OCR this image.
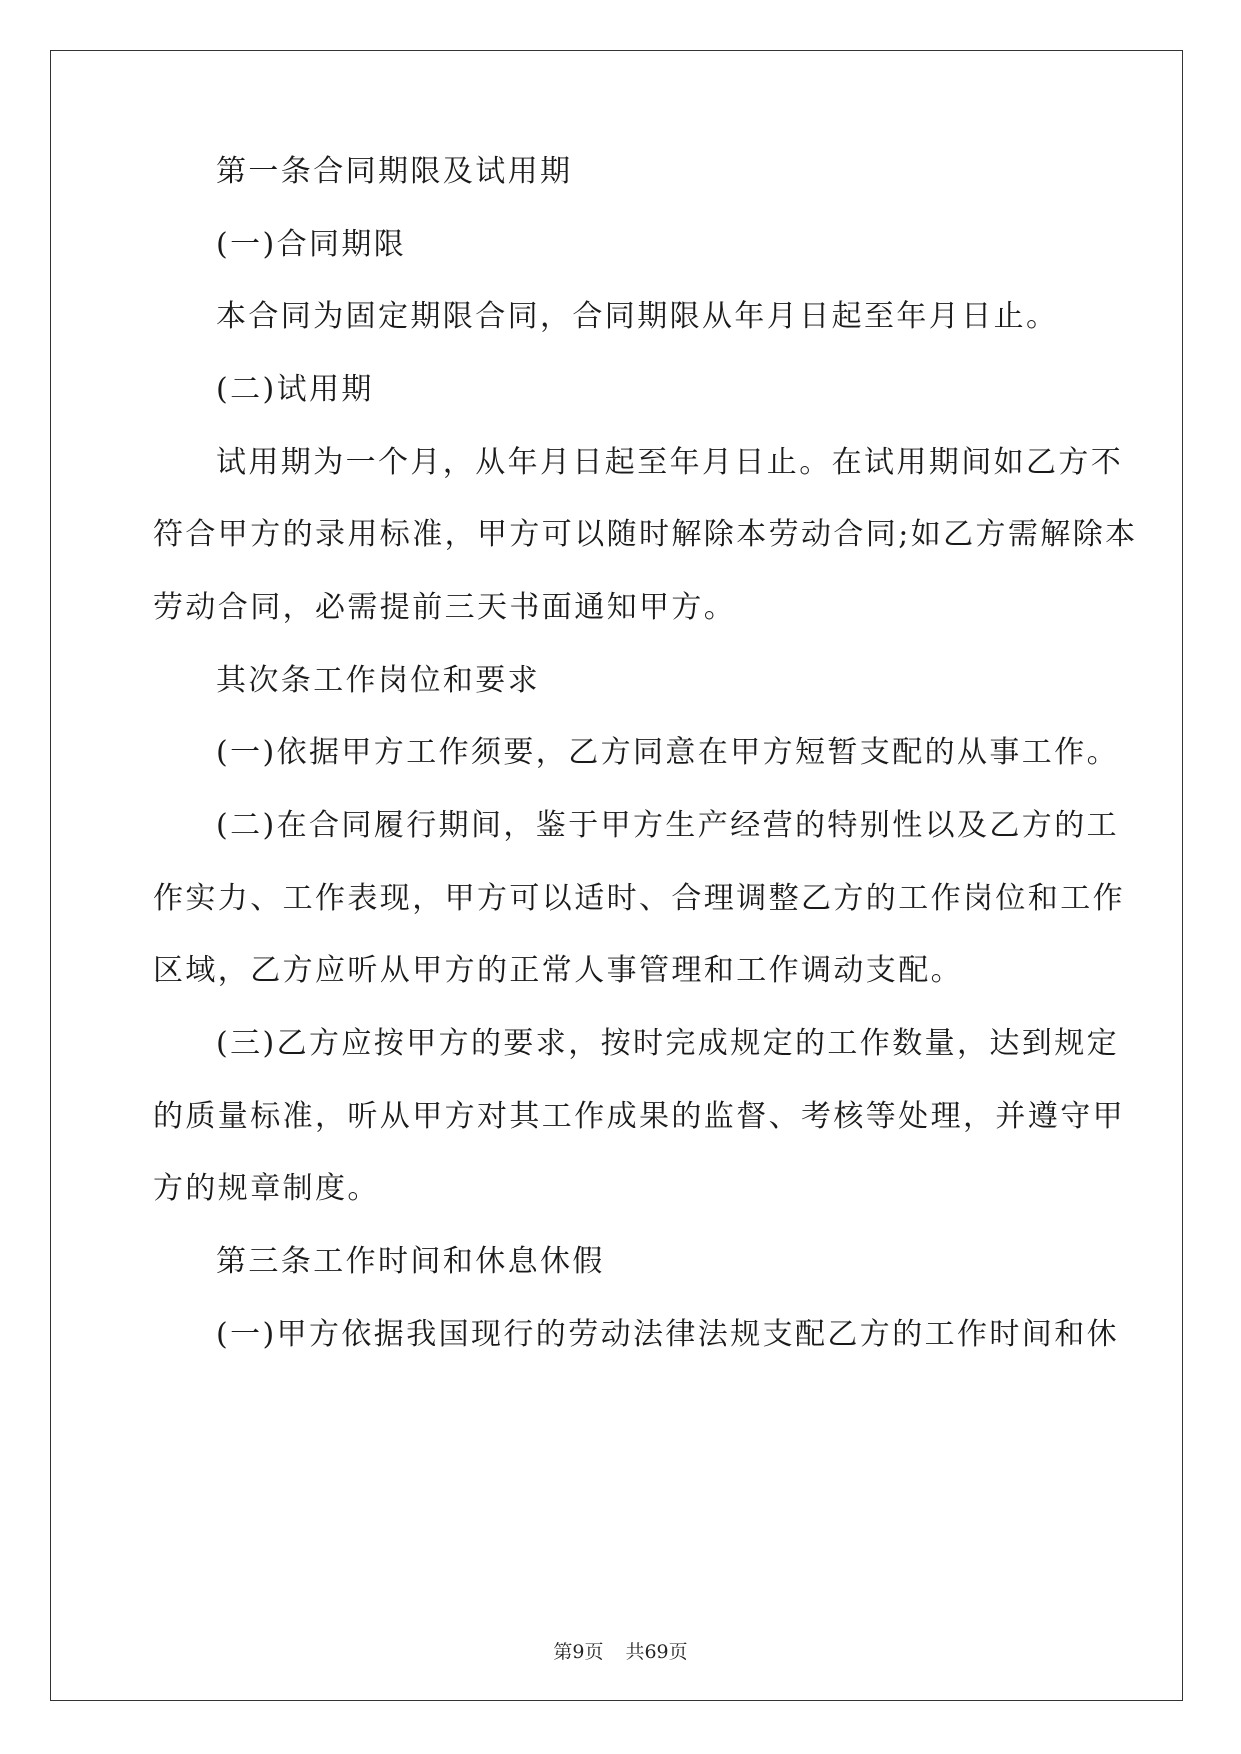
第一条合同期限及试用期
(一)合同期限
本合同为固定期限合同，合同期限从年月日起至年月日止。
(二)试用期
试用期为一个月，从年月日起至年月日止。在试用期间如乙方不
符合甲方的录用标准，甲方可以随时解除本劳动合同;如乙方需解除本
劳动合同，必需提前三天书面通知甲方。
其次条工作岗位和要求
(一)依据甲方工作须要，乙方同意在甲方短暂支配的从事工作。
(二)在合同履行期间，鉴于甲方生产经营的特别性以及乙方的工
作实力、工作表现，甲方可以适时、合理调整乙方的工作岗位和工作
区域，乙方应听从甲方的正常人事管理和工作调动支配。
(三)乙方应按甲方的要求，按时完成规定的工作数量，达到规定
的质量标准，听从甲方对其工作成果的监督、考核等处理，并遵守甲
方的规章制度。
第三条工作时间和休息休假
(一)甲方依据我国现行的劳动法律法规支配乙方的工作时间和休
第9页 共69页
